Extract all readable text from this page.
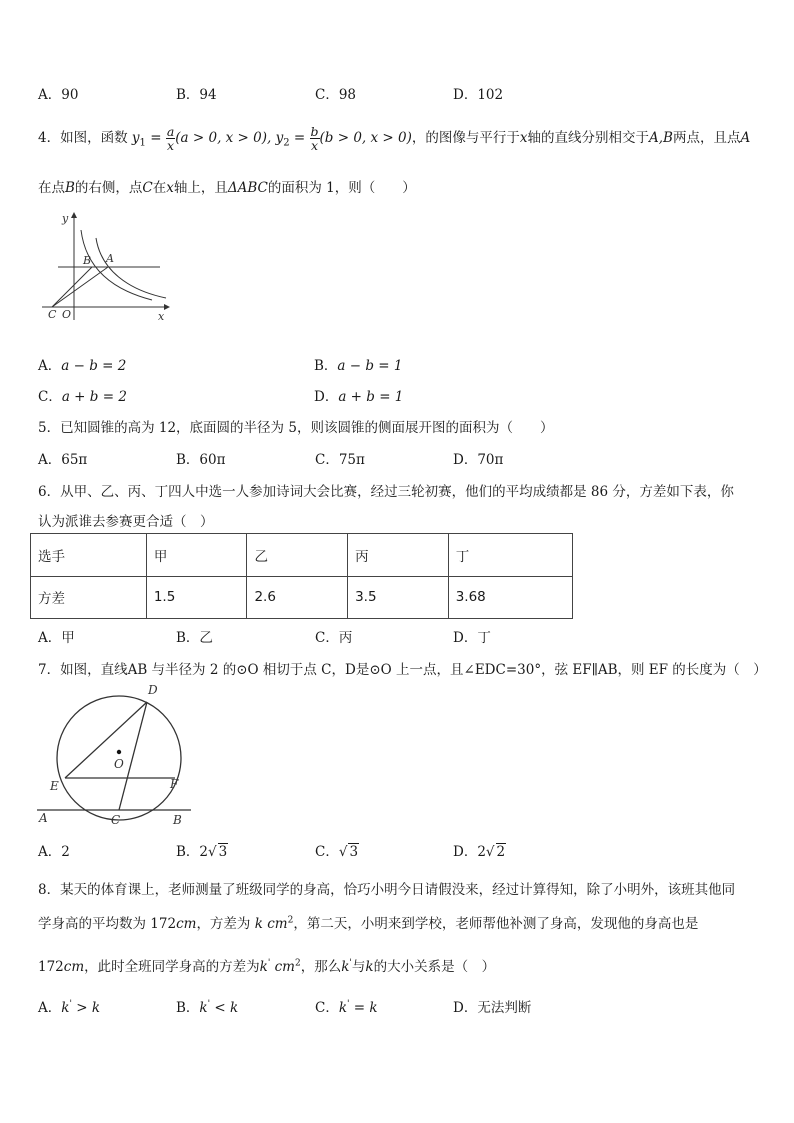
A．90	B．94	C．98	D．102
4．如图，函数 $y_1 = \frac{a}{x} (a > 0$, x > 0), $y_2 = \frac{b}{x} (b > 0$, x > 0)，的图像与平行于x轴的直线分别相交于A,B两点，且点A
在点B的右侧，点C在x轴上，且ΔABC的面积为 1，则（　　）
y
B A
C O	x
A．a − b = 2	B．a − b = 1
C．a + b = 2	D．a + b = 1
5．已知圆锥的高为 12，底面圆的半径为 5，则该圆锥的侧面展开图的面积为（　　）
A．65π	B．60π	C．75π	D．70π
6．从甲、乙、丙、丁四人中选一人参加诗词大会比赛，经过三轮初赛，他们的平均成绩都是 86 分，方差如下表，你
认为派谁去参赛更合适（　）
选手	甲	乙	丙	丁
方差	1.5	2.6	3.5	3.68
A．甲	B．乙	C．丙	D．丁
7．如图，直线AB 与半径为 2 的⊙O 相切于点 C，D是⊙O 上一点，且∠EDC=30°，弦 EF∥AB，则 EF 的长度为（　）
D
O
E	F
A	C	B
A．2	B．2√ 3	C．√ 3	D．2√ 2
8．某天的体育课上，老师测量了班级同学的身高，恰巧小明今日请假没来，经过计算得知，除了小明外，该班其他同
学身高的平均数为 172cm，方差为 k $cm^2$，第二天，小明来到学校，老师帮他补测了身高，发现他的身高也是
172cm，此时全班同学身高的方差为k' $cm^2$，那么k'与k的大小关系是（　）
A．k' > k	B．k' < k	C．k' = k	D．无法判断
